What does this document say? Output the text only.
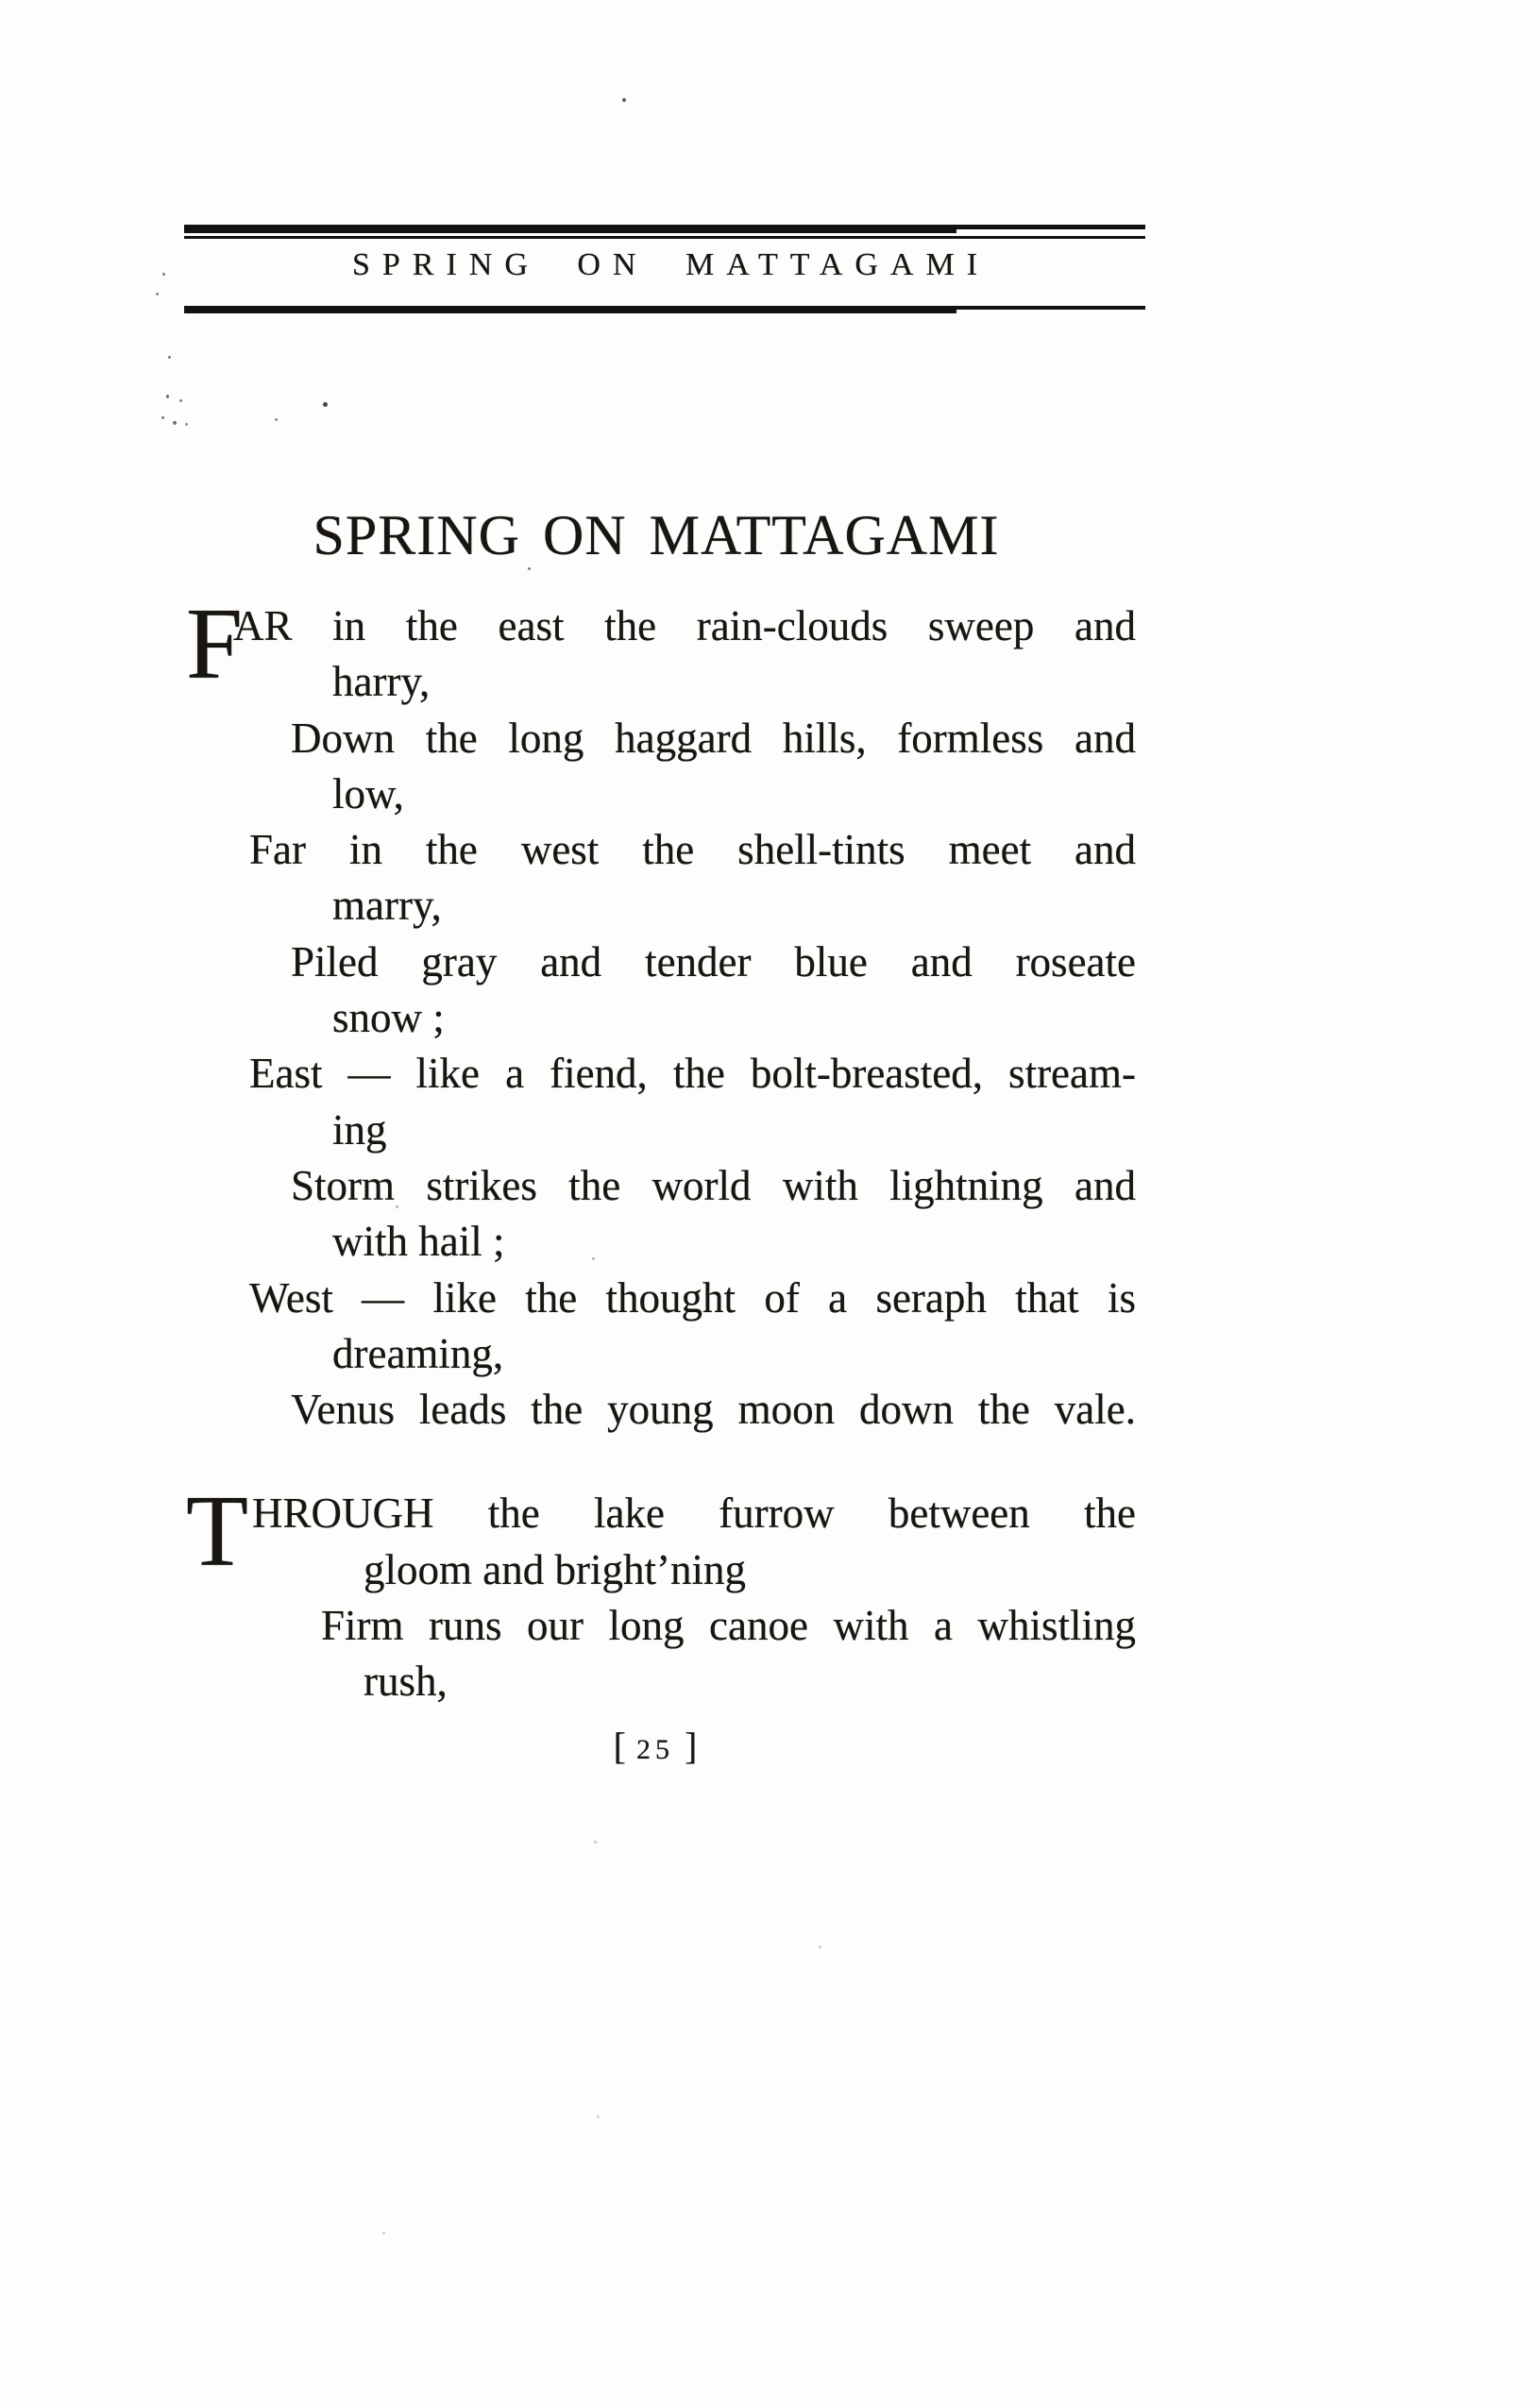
SPRING ON MATTAGAMI
SPRING ON MATTAGAMI
F
AR in the east the rain-clouds sweep and
harry,
Down the long haggard hills, formless and
low,
Far in the west the shell-tints meet and
marry,
Piled gray and tender blue and roseate
snow ;
East — like a fiend, the bolt-breasted, stream-
ing
Storm strikes the world with lightning and
with hail ;
West — like the thought of a seraph that is
dreaming,
Venus leads the young moon down the vale.
T HROUGH the lake furrow between the
gloom and bright’ning
Firm runs our long canoe with a whistling
rush,
[ 25 ]
